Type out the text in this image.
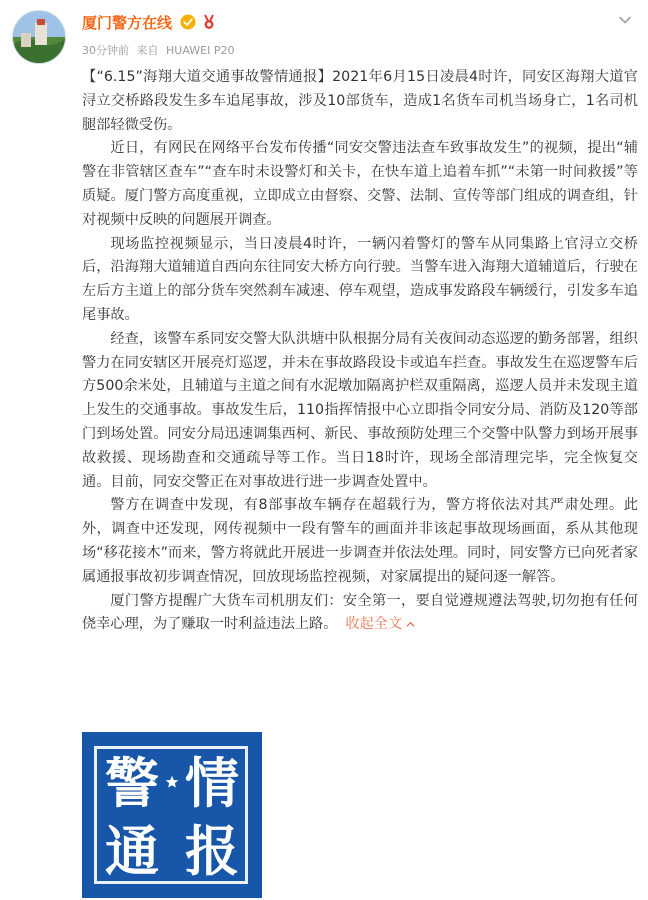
厦门警方在线
30分钟前 来自 HUAWEI P20

【“6.15”海翔大道交通事故警情通报】2021年6月15日凌晨4时许，同安区海翔大道官浔立交桥路段发生多车追尾事故，涉及10部货车，造成1名货车司机当场身亡，1名司机腿部轻微受伤。

近日，有网民在网络平台发布传播“同安交警违法查车致事故发生”的视频，提出“辅警在非管辖区查车”“查车时未设警灯和关卡，在快车道上追着车抓”“未第一时间救援”等质疑。厦门警方高度重视，立即成立由督察、交警、法制、宣传等部门组成的调查组，针对视频中反映的问题展开调查。

现场监控视频显示，当日凌晨4时许，一辆闪着警灯的警车从同集路上官浔立交桥后，沿海翔大道辅道自西向东往同安大桥方向行驶。当警车进入海翔大道辅道后，行驶在左后方主道上的部分货车突然刹车减速、停车观望，造成事发路段车辆缓行，引发多车追尾事故。

经查，该警车系同安交警大队洪塘中队根据分局有关夜间动态巡逻的勤务部署，组织警力在同安辖区开展亮灯巡逻，并未在事故路段设卡或追车拦查。事故发生在巡逻警车后方500余米处，且辅道与主道之间有水泥墩加隔离护栏双重隔离，巡逻人员并未发现主道上发生的交通事故。事故发生后，110指挥情报中心立即指令同安分局、消防及120等部门到场处置。同安分局迅速调集西柯、新民、事故预防处理三个交警中队警力到场开展事故救援、现场勘查和交通疏导等工作。当日18时许，现场全部清理完毕，完全恢复交通。目前，同安交警正在对事故进行进一步调查处置中。

警方在调查中发现，有8部事故车辆存在超载行为，警方将依法对其严肃处理。此外，调查中还发现，网传视频中一段有警车的画面并非该起事故现场画面，系从其他现场“移花接木”而来，警方将就此开展进一步调查并依法处理。同时，同安警方已向死者家属通报事故初步调查情况，回放现场监控视频，对家属提出的疑问逐一解答。

厦门警方提醒广大货车司机朋友们：安全第一，要自觉遵规遵法驾驶,切勿抱有任何侥幸心理，为了赚取一时利益违法上路。 收起全文

警 情
通 报
